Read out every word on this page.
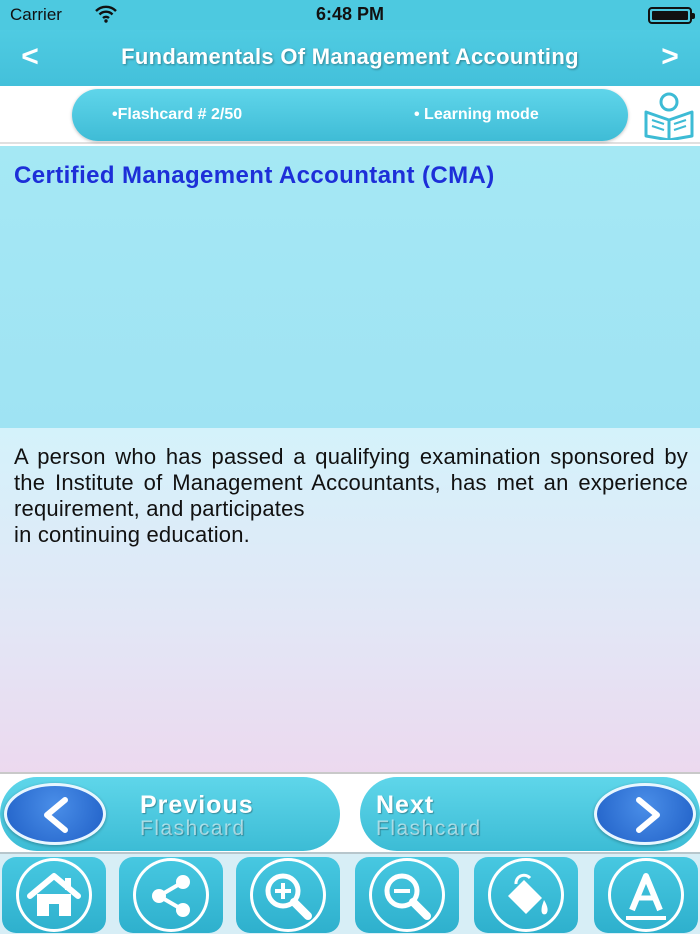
Carrier	6:48 PM
<	Fundamentals Of Management Accounting	>
•Flashcard # 2/50	• Learning mode
Certified Management Accountant (CMA)
A person who has passed a qualifying examination sponsored by the Institute of Management Accountants, has met an experience requirement, and participates
in continuing education.
Previous
Flashcard
Next
Flashcard
